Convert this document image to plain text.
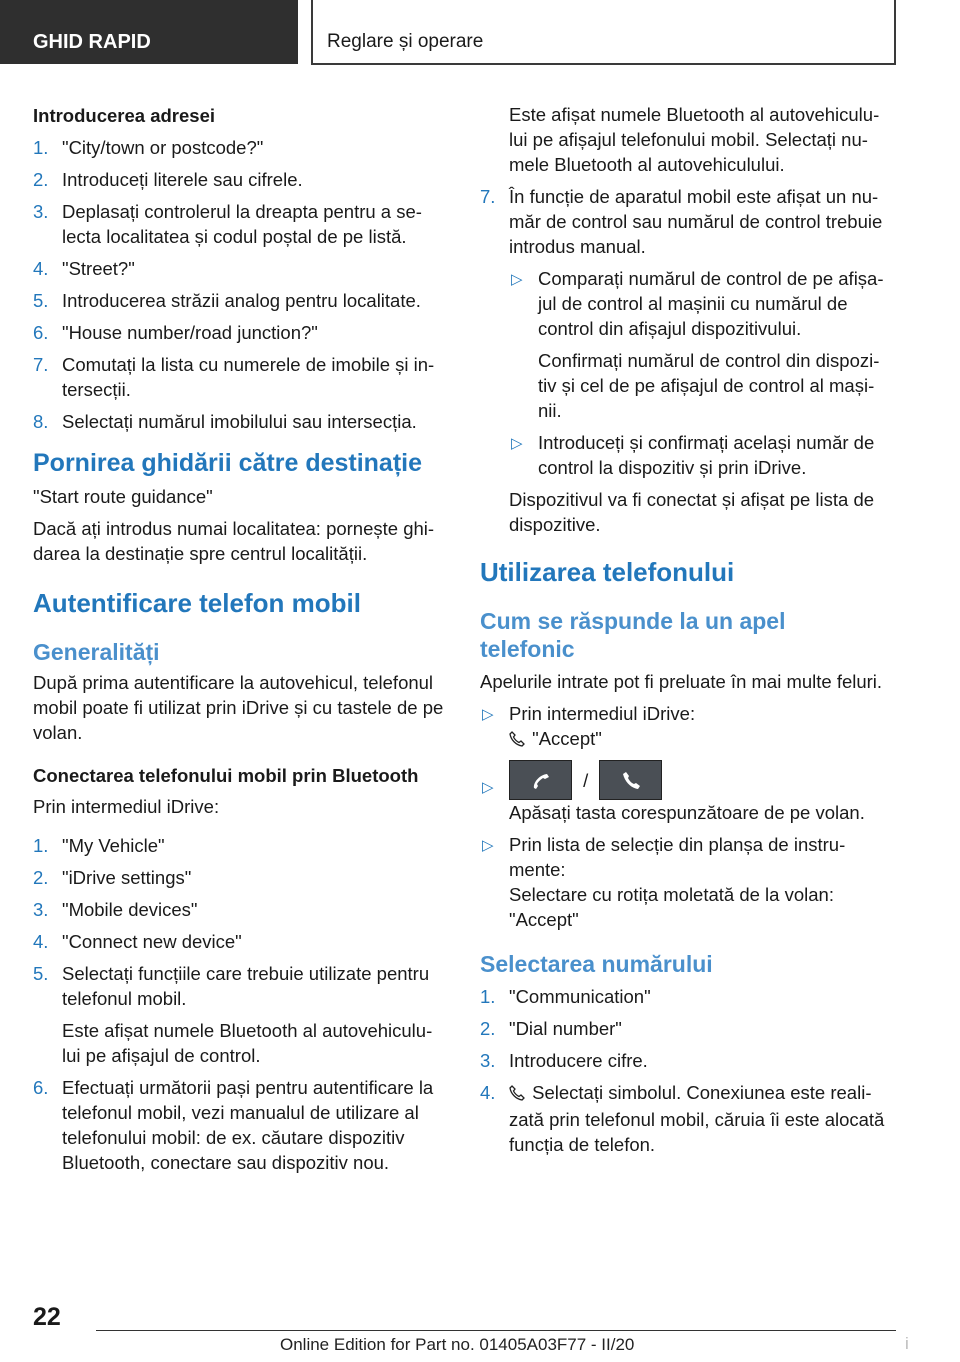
GHID RAPID	Reglare și operare
Introducerea adresei
1. "City/town or postcode?"
2. Introduceți literele sau cifrele.
3. Deplasați controlerul la dreapta pentru a se-lecta localitatea și codul poștal de pe listă.
4. "Street?"
5. Introducerea străzii analog pentru localitate.
6. "House number/road junction?"
7. Comutați la lista cu numerele de imobile și in-tersecții.
8. Selectați numărul imobilului sau intersecția.
Pornirea ghidării către destinație
"Start route guidance"
Dacă ați introdus numai localitatea: pornește ghi-darea la destinație spre centrul localității.
Autentificare telefon mobil
Generalități
După prima autentificare la autovehicul, telefonul mobil poate fi utilizat prin iDrive și cu tastele de pe volan.
Conectarea telefonului mobil prin Bluetooth
Prin intermediul iDrive:
1. "My Vehicle"
2. "iDrive settings"
3. "Mobile devices"
4. "Connect new device"
5. Selectați funcțiile care trebuie utilizate pentru telefonul mobil.
Este afișat numele Bluetooth al autovehiculu-lui pe afișajul de control.
6. Efectuați următorii pași pentru autentificare la telefonul mobil, vezi manualul de utilizare al telefonului mobil: de ex. căutare dispozitiv Bluetooth, conectare sau dispozitiv nou.
Este afișat numele Bluetooth al autovehiculu-lui pe afișajul telefonului mobil. Selectați nu-mele Bluetooth al autovehiculului.
7. În funcție de aparatul mobil este afișat un nu-măr de control sau numărul de control trebuie introdus manual.
▷ Comparați numărul de control de pe afișa-jul de control al mașinii cu numărul de control din afișajul dispozitivului.
Confirmați numărul de control din dispozi-tiv și cel de pe afișajul de control al mași-nii.
▷ Introduceți și confirmați același număr de control la dispozitiv și prin iDrive.
Dispozitivul va fi conectat și afișat pe lista de dispozitive.
Utilizarea telefonului
Cum se răspunde la un apel telefonic
Apelurile intrate pot fi preluate în mai multe feluri.
▷ Prin intermediul iDrive:
"Accept"
▷	/
Apăsați tasta corespunzătoare de pe volan.
▷ Prin lista de selecție din planșa de instru-mente:
Selectare cu rotița moletată de la volan: "Accept"
Selectarea numărului
1. "Communication"
2. "Dial number"
3. Introducere cifre.
4. Selectați simbolul. Conexiunea este reali-zată prin telefonul mobil, căruia îi este alocată funcția de telefon.
22
Online Edition for Part no. 01405A03F77 - II/20	i
